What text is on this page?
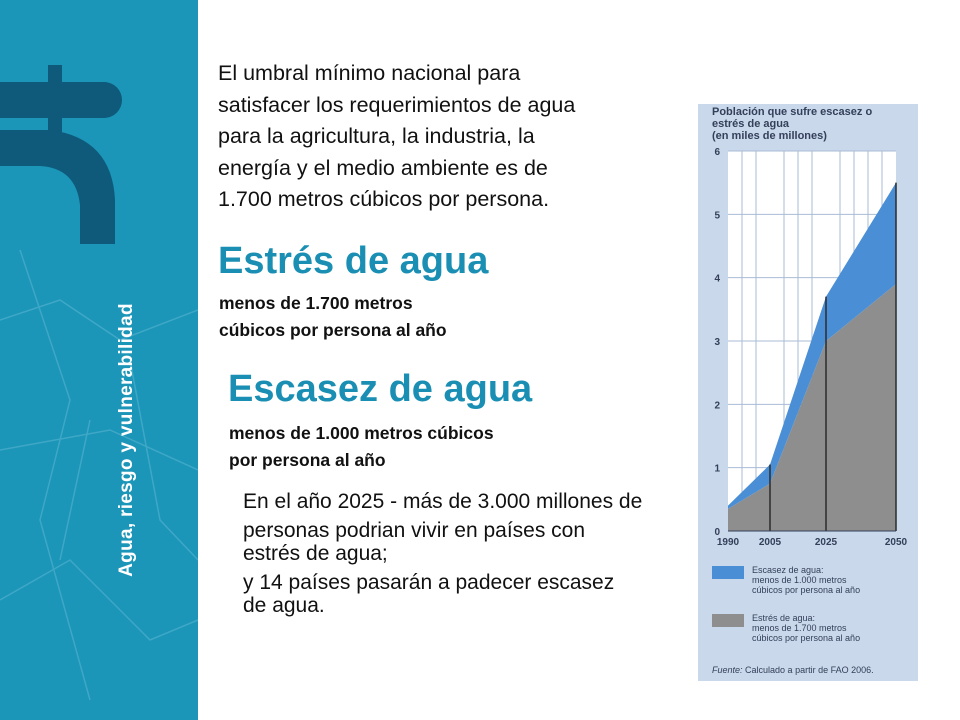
Agua, riesgo y vulnerabilidad
El umbral mínimo nacional para
satisfacer los requerimientos de agua
para la agricultura, la industria, la
energía y el medio ambiente es de
1.700 metros cúbicos por persona.
Estrés de agua
menos de 1.700 metros
cúbicos por persona al año
Escasez de agua
menos de 1.000 metros cúbicos
por persona al año

En el año 2025 - más de 3.000 millones de

personas podrian vivir en países con estrés de agua;

y 14 países pasarán a padecer escasez de agua.

Población que sufre escasez o
estrés de agua
(en miles de millones)
0
1
2
3
4
5
6
1990 2005	2025	2050
Escasez de agua:
menos de 1.000 metros
cúbicos por persona al año
Estrés de agua:
menos de 1.700 metros
cúbicos por persona al año
Fuente: Calculado a partir de FAO 2006.
